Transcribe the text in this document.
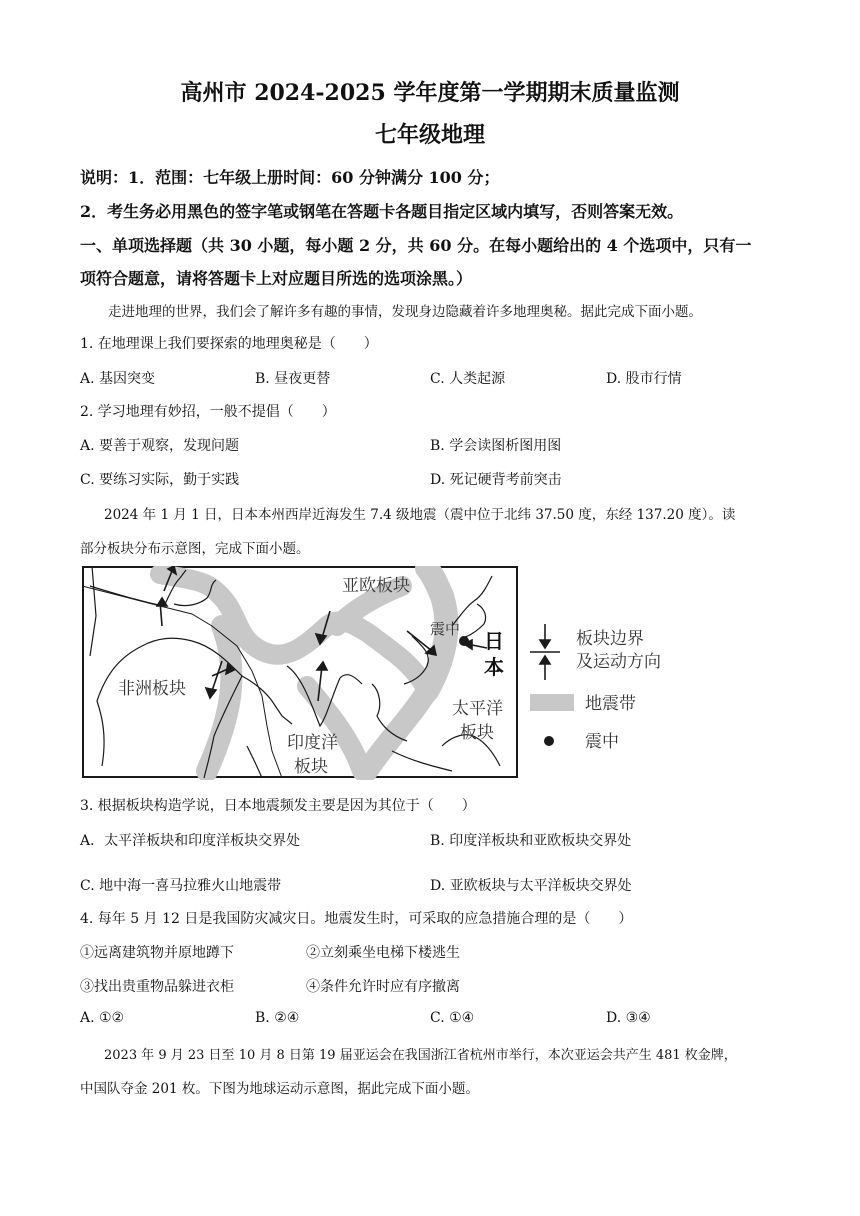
高州市 2024-2025 学年度第一学期期末质量监测
七年级地理
说明：1．范围：七年级上册时间：60 分钟满分 100 分；
2．考生务必用黑色的签字笔或钢笔在答题卡各题目指定区域内填写，否则答案无效。
一、单项选择题（共 30 小题，每小题 2 分，共 60 分。在每小题给出的 4 个选项中，只有一
项符合题意，请将答题卡上对应题目所选的选项涂黑。）
走进地理的世界，我们会了解许多有趣的事情，发现身边隐藏着许多地理奥秘。据此完成下面小题。
1. 在地理课上我们要探索的地理奥秘是（　　）
A. 基因突变	B. 昼夜更替	C. 人类起源	D. 股市行情
2. 学习地理有妙招，一般不提倡（　　）
A. 要善于观察，发现问题	B. 学会读图析图用图
C. 要练习实际，勤于实践	D. 死记硬背考前突击
2024 年 1 月 1 日，日本本州西岸近海发生 7.4 级地震（震中位于北纬 37.50 度，东经 137.20 度）。读
部分板块分布示意图，完成下面小题。
亚欧板块
非洲板块
印度洋
板块
太平洋
板块
震中 日
本
板块边界
及运动方向
地震带
震中
3. 根据板块构造学说，日本地震频发主要是因为其位于（　　）
A．太平洋板块和印度洋板块交界处	B. 印度洋板块和亚欧板块交界处
C. 地中海一喜马拉雅火山地震带	D. 亚欧板块与太平洋板块交界处
4. 每年 5 月 12 日是我国防灾减灾日。地震发生时，可采取的应急措施合理的是（　　）
①远离建筑物并原地蹲下	②立刻乘坐电梯下楼逃生
③找出贵重物品躲进衣柜	④条件允许时应有序撤离
A. ①②	B. ②④	C. ①④	D. ③④
2023 年 9 月 23 日至 10 月 8 日第 19 届亚运会在我国浙江省杭州市举行，本次亚运会共产生 481 枚金牌，
中国队夺金 201 枚。下图为地球运动示意图，据此完成下面小题。
